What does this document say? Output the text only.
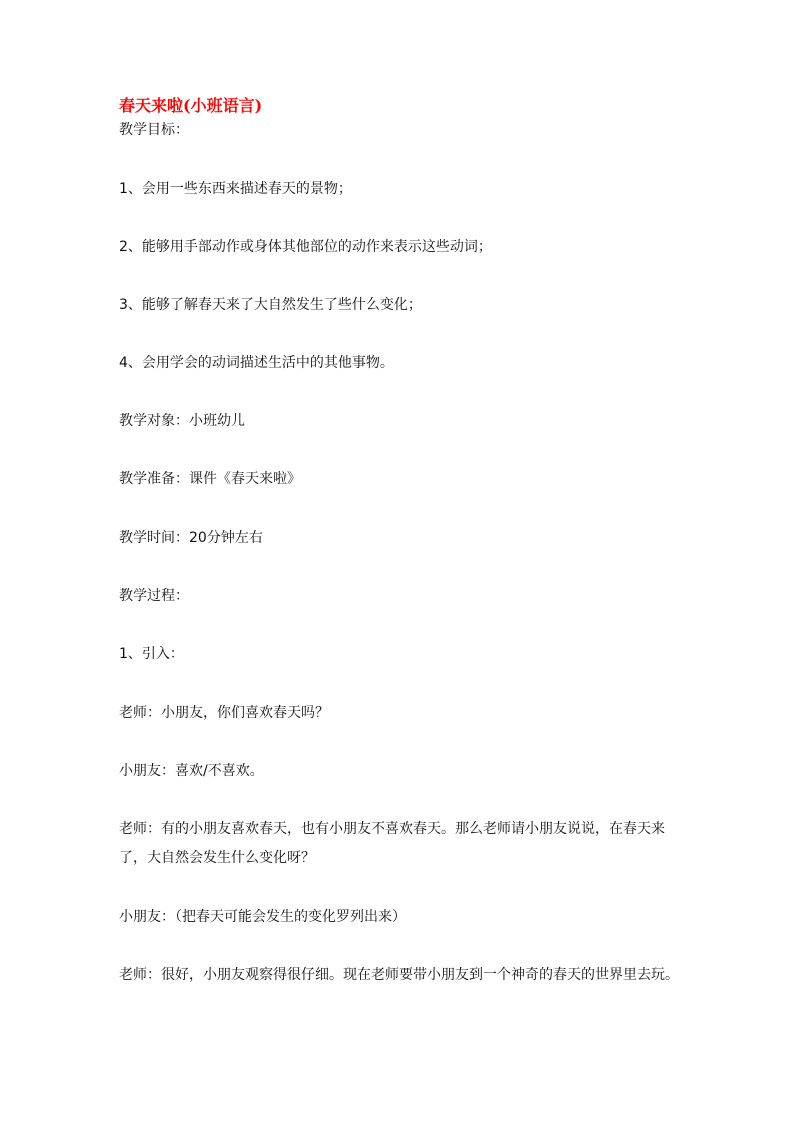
春天来啦(小班语言)
教学目标：
1、会用一些东西来描述春天的景物；
2、能够用手部动作或身体其他部位的动作来表示这些动词；
3、能够了解春天来了大自然发生了些什么变化；
4、会用学会的动词描述生活中的其他事物。
教学对象：小班幼儿
教学准备：课件《春天来啦》
教学时间：20分钟左右
教学过程：
1、引入：
老师：小朋友，你们喜欢春天吗？
小朋友：喜欢/不喜欢。
老师：有的小朋友喜欢春天，也有小朋友不喜欢春天。那么老师请小朋友说说，在春天来了，大自然会发生什么变化呀？
小朋友：（把春天可能会发生的变化罗列出来）
老师：很好，小朋友观察得很仔细。现在老师要带小朋友到一个神奇的春天的世界里去玩。
